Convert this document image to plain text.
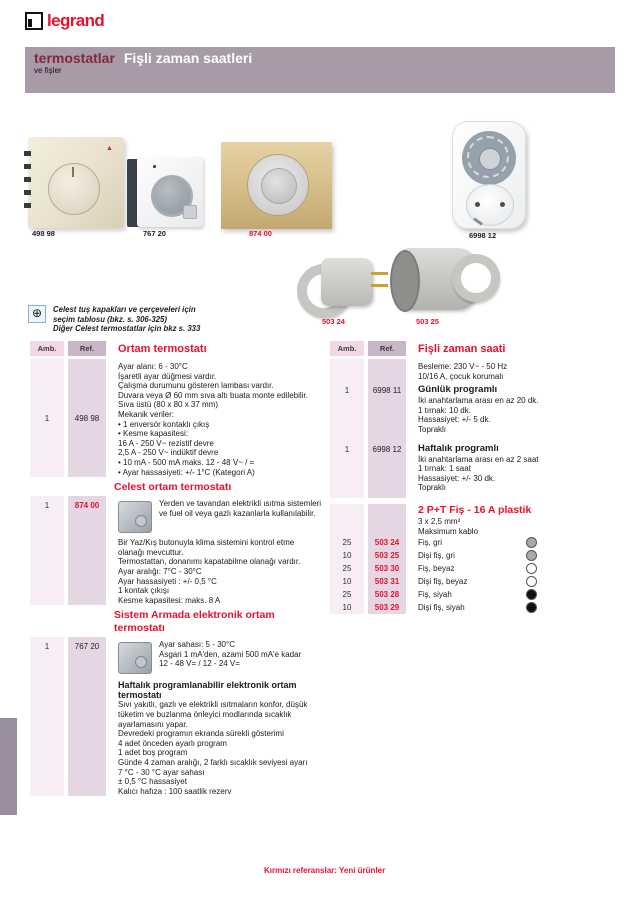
legrand
termostatlar Fişli zaman saatleri
ve fişler
▲
498 98	767 20	874 00	6998 12
503 24	503 25
⊕	Celest tuş kapakları ve çerçeveleri için
seçim tablosu (bkz. s. 306-325)
Diğer Celest termostatlar için bkz s. 333
Amb.	Ref.	Ortam termostatı
1	498 98
Ayar alanı: 6 - 30°C
İşaretli ayar düğmesi vardır.
Çalışma durumunu gösteren lambası vardır.
Duvara veya Ø 60 mm sıva altı buata monte edilebilir.
Sıva üstü (80 x 80 x 37 mm)
Mekanik veriler:
• 1 enversör kontaklı çıkış
• Kesme kapasitesi:
16 A - 250 V~ rezistif devre
2,5 A - 250 V~ indüktif devre
• 10 mA - 500 mA maks. 12 - 48 V~ / =
• Ayar hassasiyeti: +/- 1°C (Kategori A)
Celest ortam termostatı
1	874 00	Yerden ve tavandan elektrikli ısıtma sistemleri ve fuel oil veya gazlı kazanlarla kullanılabilir.
Bir Yaz/Kış butonuyla klima sistemini kontrol etme olanağı mevcuttur.
Termostattan, donanımı kapatabilme olanağı vardır.
Ayar aralığı: 7°C - 30°C
Ayar hassasiyeti : +/- 0,5 °C
1 kontak çıkışı
Kesme kapasitesi: maks. 8 A
Sistem Armada elektronik ortam termostatı
1	767 20	Ayar sahası: 5 - 30°C
Asgari 1 mA'den, azami 500 mA'e kadar
12 - 48 V= / 12 - 24 V=
Haftalık programlanabilir elektronik ortam termostatı
Sıvı yakıtlı, gazlı ve elektrikli ısıtmaların konfor, düşük tüketim ve buzlanma önleyici modlarında sıcaklık ayarlamasını yapar.
Devredeki programın ekranda sürekli gösterimi
4 adet önceden ayarlı program
1 adet boş program
Günde 4 zaman aralığı, 2 farklı sıcaklık seviyesi ayarı
7 °C - 30 °C ayar sahası
± 0,5 °C hassasiyet
Kalıcı hafıza : 100 saatlik rezerv
Amb.	Ref.	Fişli zaman saati
Besleme: 230 V~ - 50 Hz
10/16 A, çocuk korumalı
1	6998 11	Günlük programlı
İki anahtarlama arası en az 20 dk.
1 tırnak: 10 dk.
Hassasiyet: +/- 5 dk.
Topraklı
1	6998 12	Haftalık programlı
İki anahtarlama arası en az 2 saat
1 tırnak: 1 saat
Hassasiyet: +/- 30 dk.
Topraklı
2 P+T Fiş - 16 A plastik
3 x 2,5 mm²
Maksimum kablo
25	503 24	Fiş, gri
10	503 25	Dişi fiş, gri
25	503 30	Fiş, beyaz
10	503 31	Dişi fiş, beyaz
25	503 28	Fiş, siyah
10	503 29	Dişi fiş, siyah
Kırmızı referanslar: Yeni ürünler
